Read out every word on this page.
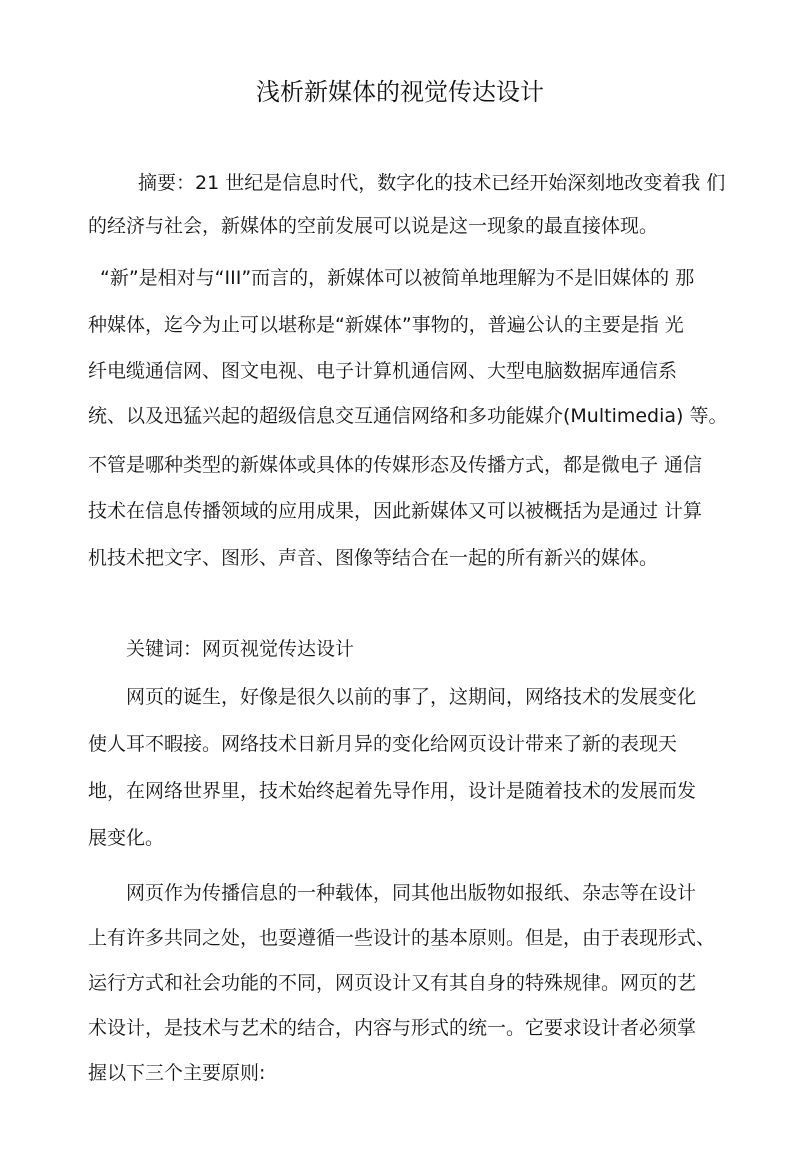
浅析新媒体的视觉传达设计
摘要：21 世纪是信息时代，数字化的技术已经开始深刻地改变着我 们
的经济与社会，新媒体的空前发展可以说是这一现象的最直接体现。
“新”是相对与“III”而言的，新媒体可以被简单地理解为不是旧媒体的 那
种媒体，迄今为止可以堪称是“新媒体”事物的，普遍公认的主要是指 光
纤电缆通信网、图文电视、电子计算机通信网、大型电脑数据库通信系
统、以及迅猛兴起的超级信息交互通信网络和多功能媒介(Multimedia) 等。
不管是哪种类型的新媒体或具体的传媒形态及传播方式，都是微电子 通信
技术在信息传播领域的应用成果，因此新媒体又可以被概括为是通过 计算
机技术把文字、图形、声音、图像等结合在一起的所有新兴的媒体。
关键词：网页视觉传达设计
网页的诞生，好像是很久以前的事了，这期间，网络技术的发展变化
使人耳不暇接。网络技术日新月异的变化给网页设计带来了新的表现天
地，在网络世界里，技术始终起着先导作用，设计是随着技术的发展而发
展变化。
网页作为传播信息的一种载体，同其他出版物如报纸、杂志等在设计
上有许多共同之处，也耍遵循一些设计的基本原则。但是，由于表现形式、
运行方式和社会功能的不同，网页设计又有其自身的特殊规律。网页的艺
术设计，是技术与艺术的结合，内容与形式的统一。它要求设计者必须掌
握以下三个主要原则:
